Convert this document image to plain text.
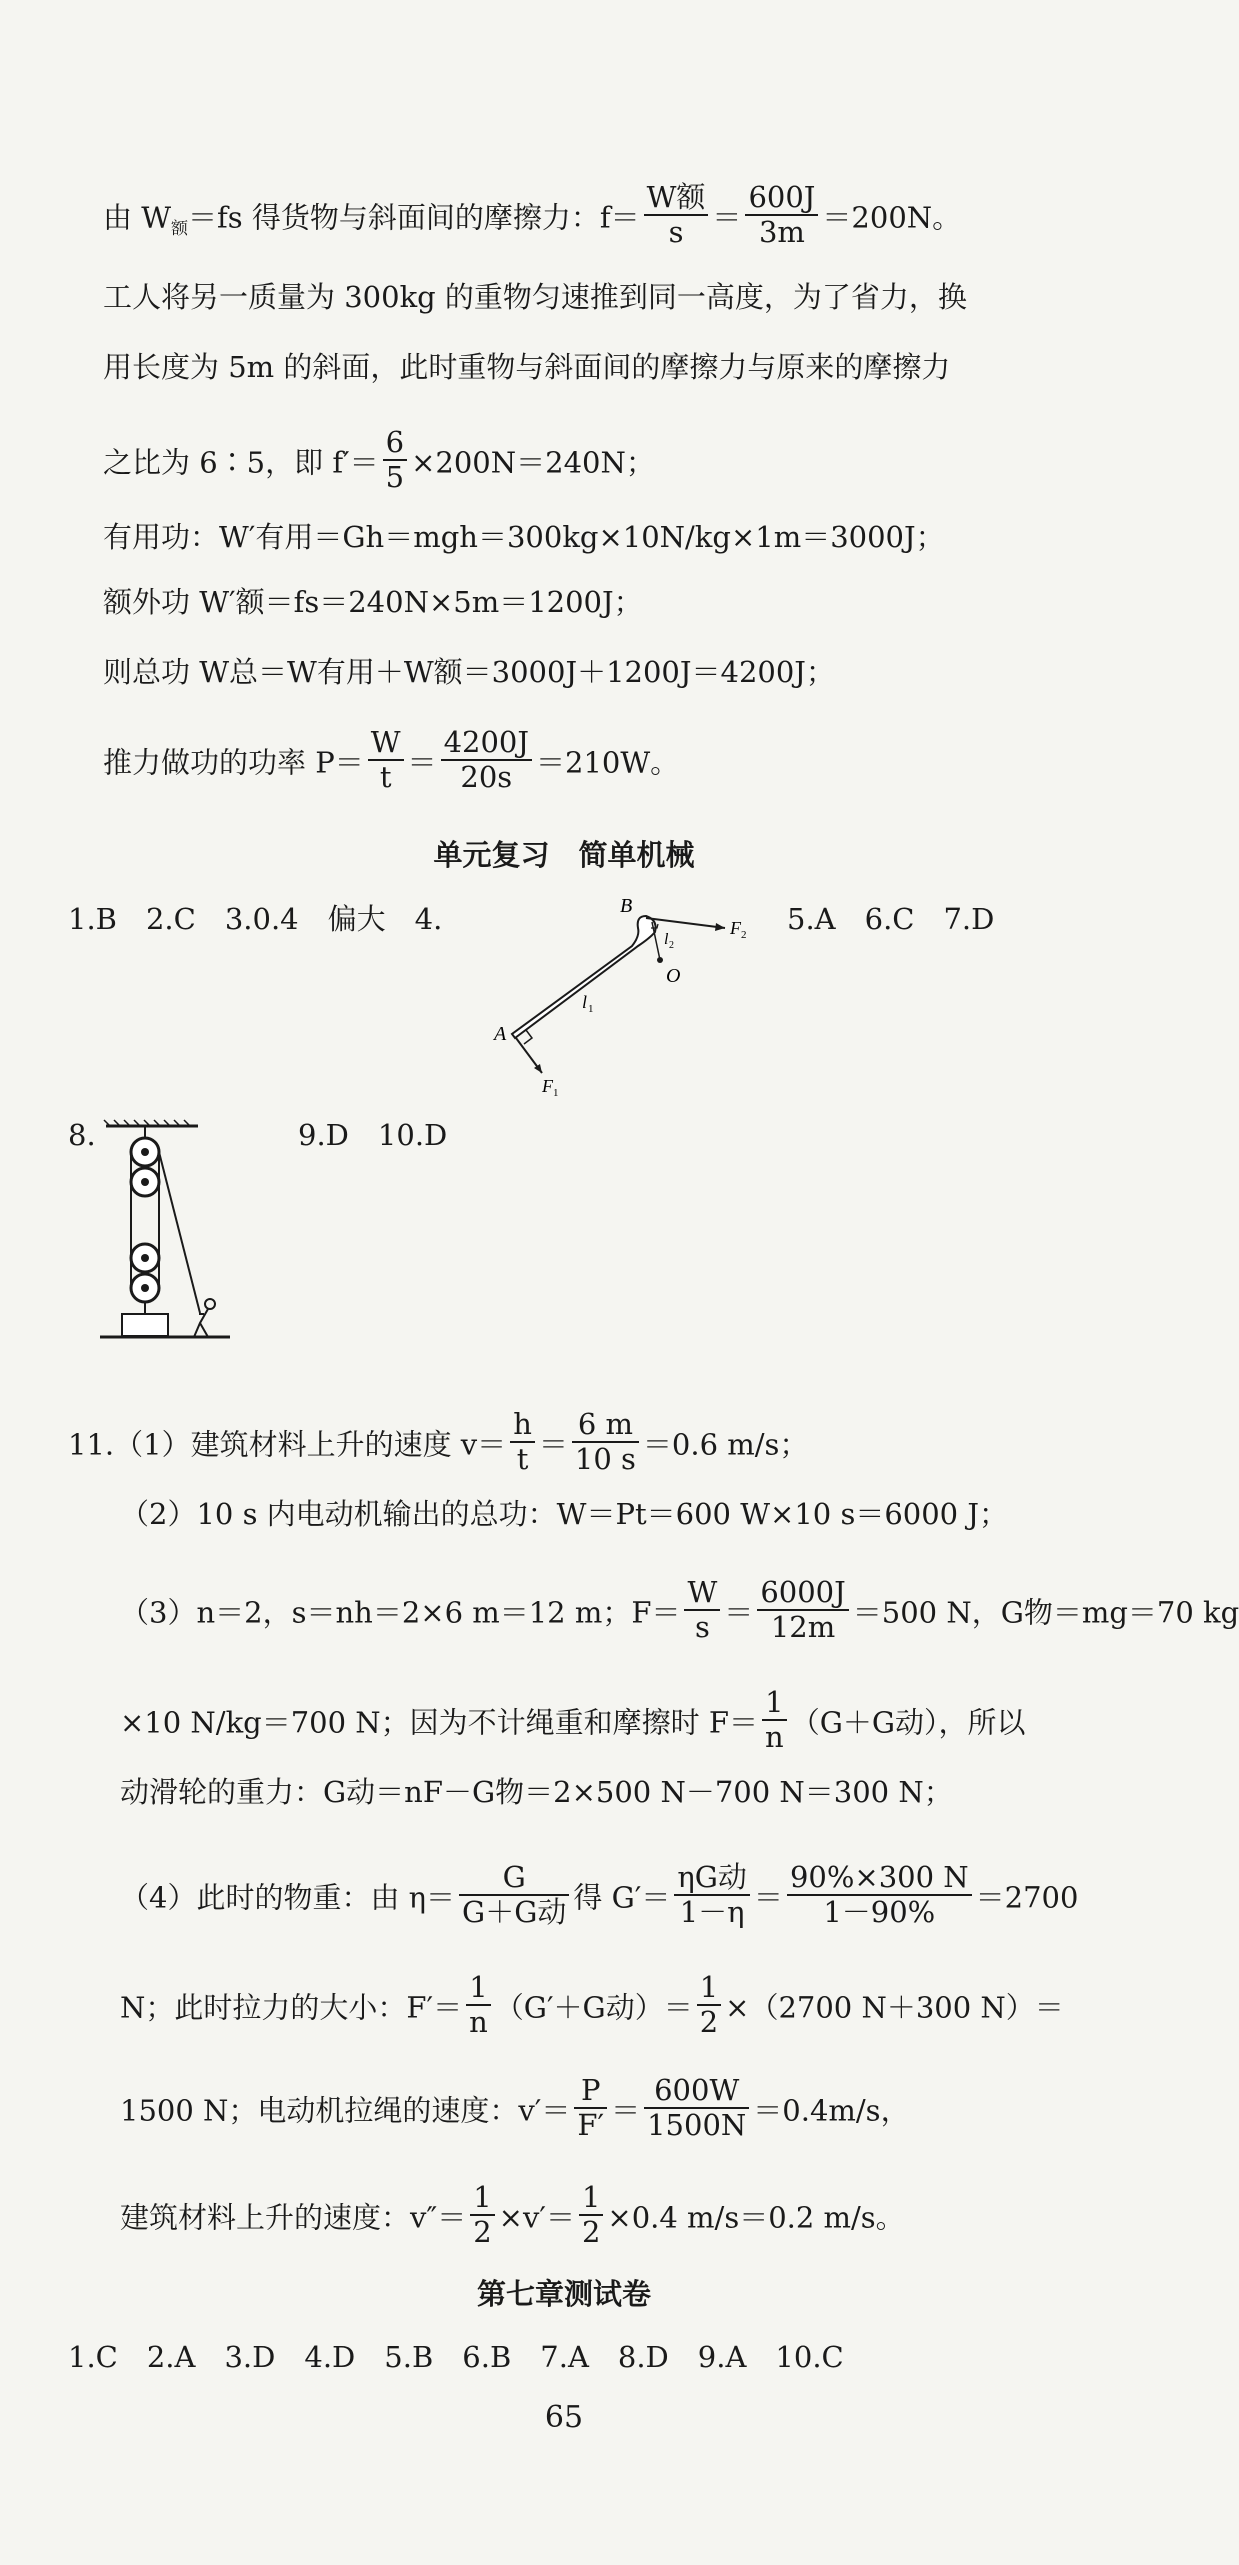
由 $W_额=fs$ 得货物与斜面间的摩擦力：f＝
W额
$s = \frac{600J}{3m} =200N$。
工人将另一质量为 300kg 的重物匀速推到同一高度，为了省力，换
用长度为 5m 的斜面，此时重物与斜面间的摩擦力与原来的摩擦力
之比为 6∶5，即 $f'= \frac{6}{5} \times 200N=240N$；
有用功：W′有用＝Gh＝mgh＝300kg×10N/kg×1m＝3000J；
额外功 W′额＝fs＝240N×5m＝1200J；
则总功 W总＝W有用＋W额＝3000J＋1200J＝4200J；
推力做功的功率 $P= \frac{W}{t} = \frac{4200J}{20s} =210W$。
单元复习　简单机械
1.B　2.C　3.0.4　偏大　4.	5.A　6.C　7.D
B
O
A
F 1
F 2
l 1
l 2
8.	9.D　10.D
11.（1）建筑材料上升的速度 $v= \frac{h}{t} = \frac{6 m}{10 s} =0.6$ m/s；
（2）10 s 内电动机输出的总功：W＝Pt＝600 W×10 s＝6000 J；
（3）n＝2，s＝nh＝2×6 m＝12 m；$F= \frac{W}{s} = \frac{6000J}{12m} =500$ N，G物＝mg＝70 kg
×10 N/kg＝700 N；因为不计绳重和摩擦时 $F= \frac{1}{n} (G+G$动），所以
动滑轮的重力：G动＝nF－G物＝2×500 N－700 N＝300 N；
（4）此时的物重：由 η＝
G
G＋G动 得 G′＝
ηG动
$1-\eta = \frac{90\%\times 300 N}{1-90\%} =2700$
N；此时拉力的大小：$F'= \frac{1}{n} (G'+G$动）＝ $\frac{1}{2} \times(2700$ N＋300 N）＝
1500 N；电动机拉绳的速度：$v'= \frac{P}{F'} = \frac{600W}{1500N} =0.4m/s$，
建筑材料上升的速度：$v''= \frac{1}{2} \times v'= \frac{1}{2} \times 0.4$ m/s＝0.2 m/s。
第七章测试卷
1.C　2.A　3.D　4.D　5.B　6.B　7.A　8.D　9.A　10.C
65
